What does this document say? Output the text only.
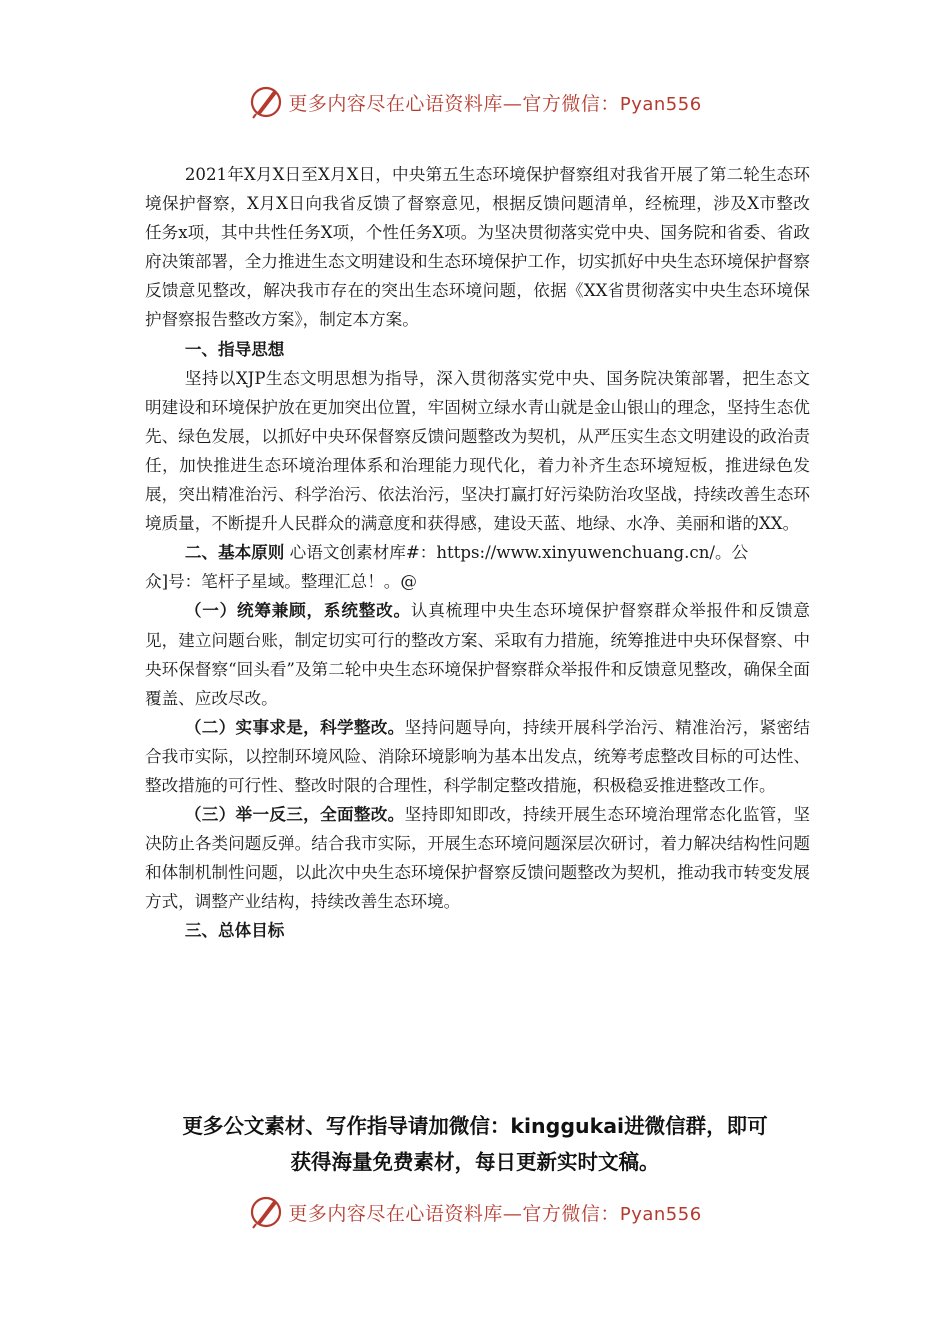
更多内容尽在心语资料库—官方微信：Pyan556

2021年X月X日至X月X日，中央第五生态环境保护督察组对我省开展了第二轮生态环境保护督察，X月X日向我省反馈了督察意见，根据反馈问题清单，经梳理，涉及X市整改任务x项，其中共性任务X项，个性任务X项。为坚决贯彻落实党中央、国务院和省委、省政府决策部署，全力推进生态文明建设和生态环境保护工作，切实抓好中央生态环境保护督察反馈意见整改，解决我市存在的突出生态环境问题，依据《XX省贯彻落实中央生态环境保护督察报告整改方案》，制定本方案。

一、指导思想

坚持以XJP生态文明思想为指导，深入贯彻落实党中央、国务院决策部署，把生态文明建设和环境保护放在更加突出位置，牢固树立绿水青山就是金山银山的理念，坚持生态优先、绿色发展，以抓好中央环保督察反馈问题整改为契机，从严压实生态文明建设的政治责任，加快推进生态环境治理体系和治理能力现代化，着力补齐生态环境短板，推进绿色发展，突出精准治污、科学治污、依法治污，坚决打赢打好污染防治攻坚战，持续改善生态环境质量，不断提升人民群众的满意度和获得感，建设天蓝、地绿、水净、美丽和谐的XX。

二、基本原则 心语文创素材库#：https://www.xinyuwenchuang.cn/。公

众]号：笔杆子星域。整理汇总！。@

（一）统筹兼顾，系统整改。认真梳理中央生态环境保护督察群众举报件和反馈意见，建立问题台账，制定切实可行的整改方案、采取有力措施，统筹推进中央环保督察、中央环保督察“回头看”及第二轮中央生态环境保护督察群众举报件和反馈意见整改，确保全面覆盖、应改尽改。

（二）实事求是，科学整改。坚持问题导向，持续开展科学治污、精准治污，紧密结合我市实际，以控制环境风险、消除环境影响为基本出发点，统筹考虑整改目标的可达性、整改措施的可行性、整改时限的合理性，科学制定整改措施，积极稳妥推进整改工作。

（三）举一反三，全面整改。坚持即知即改，持续开展生态环境治理常态化监管，坚决防止各类问题反弹。结合我市实际，开展生态环境问题深层次研讨，着力解决结构性问题和体制机制性问题，以此次中央生态环境保护督察反馈问题整改为契机，推动我市转变发展方式，调整产业结构，持续改善生态环境。

三、总体目标

更多公文素材、写作指导请加微信：kinggukai进微信群，即可
获得海量免费素材，每日更新实时文稿。
更多内容尽在心语资料库—官方微信：Pyan556
